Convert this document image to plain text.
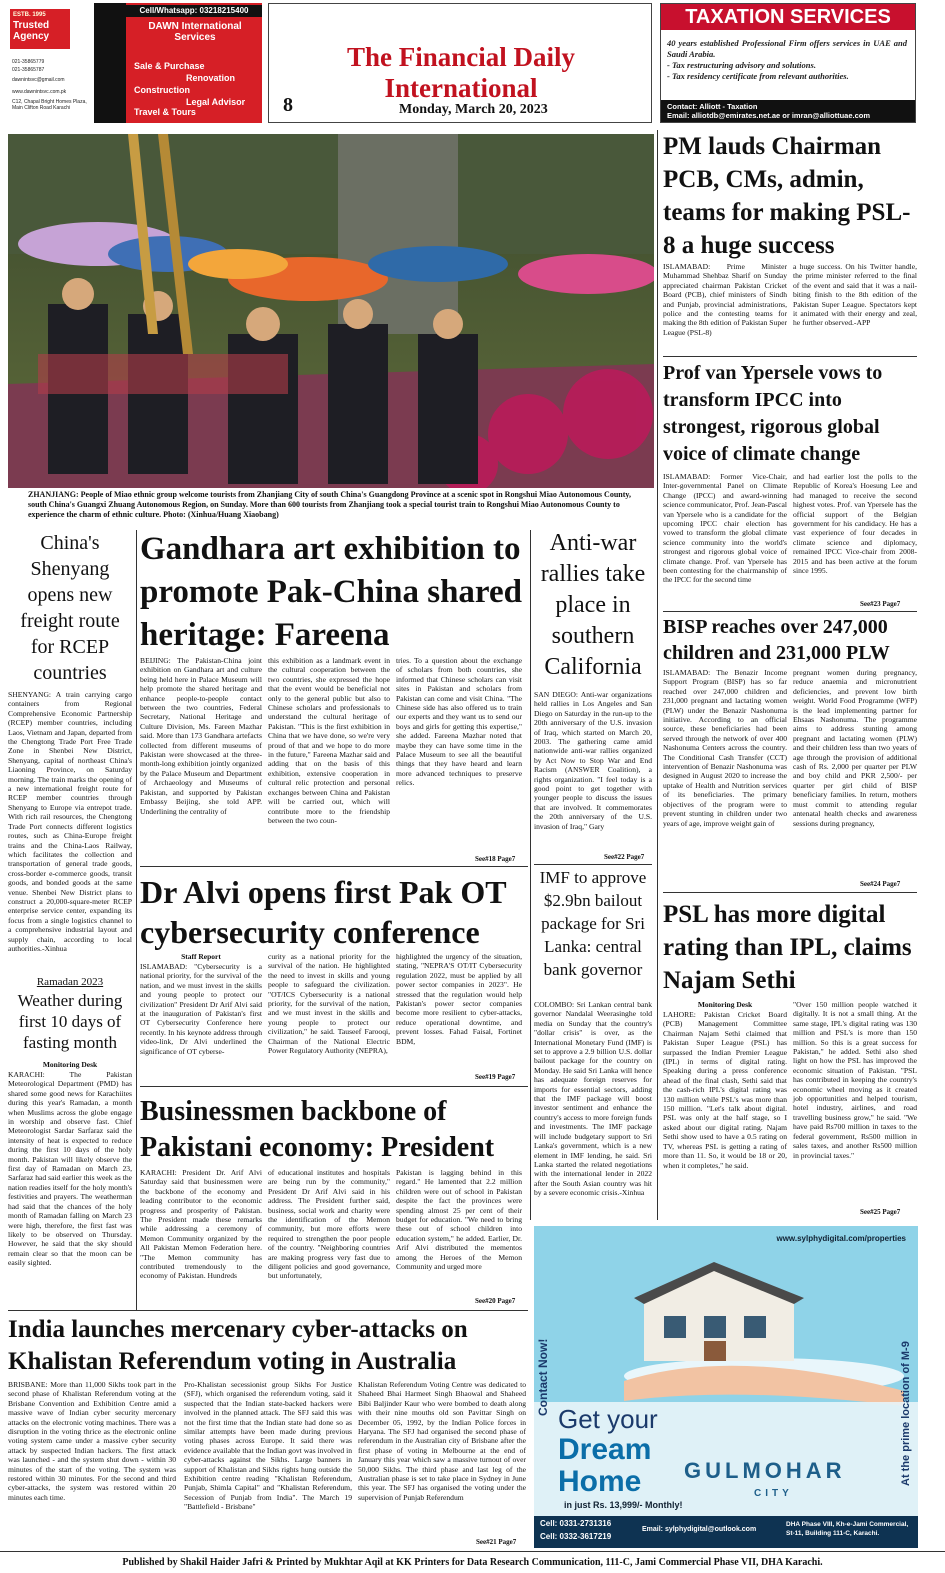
ESTB. 1995
Trusted Agency
021-35865779
021-35865787
dawnintsvc@gmail.com
www.dawnintsvc.com.pk
C12, Chapal Bright Homes Plaza, Main Clifton Road Karachi
Cell/Whatsapp: 03218215400
DAWN International Services
Sale & Purchase
Renovation
Construction
Legal Advisor
Travel & Tours
The Financial Daily International
8	Monday, March 20, 2023
TAXATION SERVICES
40 years established Professional Firm offers services in UAE and Saudi Arabia.
- Tax restructuring advisory and solutions.
- Tax residency certificate from relevant authorities.
Contact: Alliott - Taxation
Email: alliotdb@emirates.net.ae or imran@alliottuae.com
ZHANJIANG: People of Miao ethnic group welcome tourists from Zhanjiang City of south China's Guangdong Province at a scenic spot in Rongshui Miao Autonomous County, south China's Guangxi Zhuang Autonomous Region, on Sunday. More than 600 tourists from Zhanjiang took a special tourist train to Rongshui Miao Autonomous County to experience the charm of ethnic culture. Photo: (Xinhua/Huang Xiaobang)
PM lauds Chairman PCB, CMs, admin, teams for making PSL-8 a huge success
ISLAMABAD: Prime Minister Muhammad Shehbaz Sharif on Sunday appreciated chairman Pakistan Cricket Board (PCB), chief ministers of Sindh and Punjab, provincial administrations, police and the contesting teams for making the 8th edition of Pakistan Super League (PSL-8)
a huge success. On his Twitter handle, the prime minister referred to the final of the event and said that it was a nail-biting finish to the 8th edition of the Pakistan Super League. Spectators kept it animated with their energy and zeal, he further observed.-APP
Prof van Ypersele vows to transform IPCC into strongest, rigorous global voice of climate change
ISLAMABAD: Former Vice-Chair, Inter-governmental Panel on Climate Change (IPCC) and award-winning science communicator, Prof. Jean-Pascal van Ypersele who is a candidate for the upcoming IPCC chair election has vowed to transform the global climate science community into the world's strongest and rigorous global voice of climate change. Prof. van Ypersele has been contesting for the chairmanship of the IPCC for the second time
and had earlier lost the polls to the Republic of Korea's Hoesung Lee and had managed to receive the second highest votes. Prof. van Ypersele has the official support of the Belgian government for his candidacy. He has a vast experience of four decades in climate science and diplomacy, remained IPCC Vice-chair from 2008-2015 and has been active at the forum since 1995.
See#23 Page7
BISP reaches over 247,000 children and 231,000 PLW
ISLAMABAD: The Benazir Income Support Program (BISP) has so far reached over 247,000 children and 231,000 pregnant and lactating women (PLW) under the Benazir Nashonuma initiative. According to an official source, these beneficiaries had been served through the network of over 400 Nashonuma Centers across the country. The Conditional Cash Transfer (CCT) intervention of Benazir Nashonuma was designed in August 2020 to increase the uptake of Health and Nutrition services of its beneficiaries. The primary objectives of the program were to prevent stunting in children under two years of age, improve weight gain of
pregnant women during pregnancy, reduce anaemia and micronutrient deficiencies, and prevent low birth weight. World Food Programme (WFP) is the lead implementing partner for Ehsaas Nashonuma. The programme aims to address stunting among pregnant and lactating women (PLW) and their children less than two years of age through the provision of additional cash of Rs. 2,000 per quarter per PLW and boy child and PKR 2,500/- per quarter per girl child of BISP beneficiary families. In return, mothers must commit to attending regular antenatal health checks and awareness sessions during pregnancy,
See#24 Page7
PSL has more digital rating than IPL, claims Najam Sethi
Monitoring Desk
LAHORE: Pakistan Cricket Board (PCB) Management Committee Chairman Najam Sethi claimed that Pakistan Super League (PSL) has surpassed the Indian Premier League (IPL) in terms of digital rating. Speaking during a press conference ahead of the final clash, Sethi said that the cash-rich IPL's digital rating was 130 million while PSL's was more than 150 million. "Let's talk about digital. PSL was only at the half stage, so I asked about our digital rating. Najam Sethi show used to have a 0.5 rating on TV, whereas PSL is getting a rating of more than 11. So, it would be 18 or 20, when it completes," he said.
"Over 150 million people watched it digitally. It is not a small thing. At the same stage, IPL's digital rating was 130 million and PSL's is more than 150 million. So this is a great success for Pakistan," he added. Sethi also shed light on how the PSL has improved the economic situation of Pakistan. "PSL has contributed in keeping the country's economic wheel moving as it created job opportunities and helped tourism, hotel industry, airlines, and road travelling business grow," he said. "We have paid Rs700 million in taxes to the federal government, Rs500 million in sales taxes, and another Rs500 million in provincial taxes."
See#25 Page7
China's Shenyang opens new freight route for RCEP countries
SHENYANG: A train carrying cargo containers from Regional Comprehensive Economic Partnership (RCEP) member countries, including Laos, Vietnam and Japan, departed from the Chengtong Trade Port Free Trade Zone in Shenbei New District, Shenyang, capital of northeast China's Liaoning Province, on Saturday morning. The train marks the opening of a new international freight route for RCEP member countries through Shenyang to Europe via entrepot trade. With rich rail resources, the Chengtong Trade Port connects different logistics routes, such as China-Europe freight trains and the China-Laos Railway, which facilitates the collection and transportation of general trade goods, cross-border e-commerce goods, transit goods, and bonded goods at the same venue. Shenbei New District plans to construct a 20,000-square-meter RCEP enterprise service center, expanding its focus from a single logistics channel to a comprehensive industrial layout and supply chain, according to local authorities.-Xinhua
Ramadan 2023
Weather during first 10 days of fasting month
Monitoring Desk
KARACHI: The Pakistan Meteorological Department (PMD) has shared some good news for Karachiites during this year's Ramadan, a month when Muslims across the globe engage in worship and observe fast. Chief Meteorologist Sardar Sarfaraz said the intensity of heat is expected to reduce during the first 10 days of the holy month. Pakistan will likely observe the first day of Ramadan on March 23, Sarfaraz had said earlier this week as the nation readies itself for the holy month's festivities and prayers. The weatherman had said that the chances of the holy month of Ramadan falling on March 23 were high, therefore, the first fast was likely to be observed on Thursday. However, he said that the sky should remain clear so that the moon can be easily sighted.
Gandhara art exhibition to promote Pak-China shared heritage: Fareena
BEIJING: The Pakistan-China joint exhibition on Gandhara art and culture being held here in Palace Museum will help promote the shared heritage and enhance people-to-people contact between the two countries, Federal Secretary, National Heritage and Culture Division, Ms. Fareen Mazhar said. More than 173 Gandhara artefacts collected from different museums of Pakistan were showcased at the three-month-long exhibition jointly organized by the Palace Museum and Department of Archaeology and Museums of Pakistan, and supported by Pakistan Embassy Beijing, she told APP. Underlining the centrality of
this exhibition as a landmark event in the cultural cooperation between the two countries, she expressed the hope that the event would be beneficial not only to the general public but also to Chinese scholars and professionals to understand the cultural heritage of Pakistan. "This is the first exhibition in China that we have done, so we're very proud of that and we hope to do more in the future," Fareena Mazhar said and adding that on the basis of this exhibition, extensive cooperation in cultural relic protection and personal exchanges between China and Pakistan will be carried out, which will contribute more to the friendship between the two coun-
tries. To a question about the exchange of scholars from both countries, she informed that Chinese scholars can visit sites in Pakistan and scholars from Pakistan can come and visit China. "The Chinese side has also offered us to train our experts and they want us to send our boys and girls for getting this expertise," she added. Fareena Mazhar noted that maybe they can have some time in the Palace Museum to see all the beautiful things that they have heard and learn more advanced techniques to preserve relics.
See#18 Page7
Anti-war rallies take place in southern California
SAN DIEGO: Anti-war organizations held rallies in Los Angeles and San Diego on Saturday in the run-up to the 20th anniversary of the U.S. invasion of Iraq, which started on March 20, 2003. The gathering came amid nationwide anti-war rallies organized by Act Now to Stop War and End Racism (ANSWER Coalition), a rights organization. "I feel today is a good point to get together with younger people to discuss the issues that are involved. It commemorates the 20th anniversary of the U.S. invasion of Iraq," Gary
See#22 Page7
Dr Alvi opens first Pak OT cybersecurity conference
Staff Report
ISLAMABAD: "Cybersecurity is a national priority, for the survival of the nation, and we must invest in the skills and young people to protect our civilization" President Dr Arif Alvi said at the inauguration of Pakistan's first OT Cybersecurity Conference here recently. In his keynote address through video-link, Dr Alvi underlined the significance of OT cyberse-
curity as a national priority for the survival of the nation. He highlighted the need to invest in skills and young people to safeguard the civilization. "OT/ICS Cybersecurity is a national priority, for the survival of the nation, and we must invest in the skills and young people to protect our civilization," he said. Tauseef Farooqi, Chairman of the National Electric Power Regulatory Authority (NEPRA),
highlighted the urgency of the situation, stating, "NEPRA'S OT/IT Cybersecurity regulation 2022, must be applied by all power sector companies in 2023". He stressed that the regulation would help Pakistan's power sector companies become more resilient to cyber-attacks, reduce operational downtime, and prevent losses. Fahad Faisal, Fortinet BDM,
See#19 Page7
IMF to approve $2.9bn bailout package for Sri Lanka: central bank governor
COLOMBO: Sri Lankan central bank governor Nandalal Weerasinghe told media on Sunday that the country's "dollar crisis" is over, as the International Monetary Fund (IMF) is set to approve a 2.9 billion U.S. dollar bailout package for the country on Monday. He said Sri Lanka will hence has adequate foreign reserves for imports for essential sectors, adding that the IMF package will boost investor sentiment and enhance the country's access to more foreign funds and investments. The IMF package will include budgetary support to Sri Lanka's government, which is a new element in IMF lending, he said. Sri Lanka started the related negotiations with the international lender in 2022 after the South Asian country was hit by a severe economic crisis.-Xinhua
Businessmen backbone of Pakistani economy: President
KARACHI: President Dr. Arif Alvi Saturday said that businessmen were the backbone of the economy and leading contributor to the economic progress and prosperity of Pakistan. The President made these remarks while addressing a ceremony of Memon Community organized by the All Pakistan Memon Federation here. "The Memon community has contributed tremendously to the economy of Pakistan. Hundreds
of educational institutes and hospitals are being run by the community," President Dr Arif Alvi said in his address. The President further said, business, social work and charity were the identification of the Memon community, but more efforts were required to strengthen the poor people of the country. "Neighboring countries are making progress very fast due to diligent policies and good governance, but unfortunately,
Pakistan is lagging behind in this regard." He lamented that 2.2 million children were out of school in Pakistan despite the fact the provinces were spending almost 25 per cent of their budget for education. "We need to bring these out of school children into education system," he added. Earlier, Dr. Arif Alvi distributed the mementos among the Heroes of the Memon Community and urged more
See#20 Page7
India launches mercenary cyber-attacks on Khalistan Referendum voting in Australia
BRISBANE: More than 11,000 Sikhs took part in the second phase of Khalistan Referendum voting at the Brisbane Convention and Exhibition Centre amid a massive wave of Indian cyber security mercenary attacks on the electronic voting machines. There was a disruption in the voting thrice as the electronic online voting system came under a massive cyber security attack by suspected Indian hackers. The first attack was launched - and the system shut down - within 30 minutes of the start of the voting. The system was restored within 30 minutes. For the second and third cyber-attacks, the system was restored within 20 minutes each time.
Pro-Khalistan secessionist group Sikhs For Justice (SFJ), which organised the referendum voting, said it suspected that the Indian state-backed hackers were involved in the planned attack. The SFJ said this was not the first time that the Indian state had done so as similar attempts have been made during previous voting phases across Europe. It said there was evidence available that the Indian govt was involved in cyber-attacks against the Sikhs. Large banners in support of Khalistan and Sikhs rights hung outside the Exhibition centre reading "Khalistan Referendum, Punjab, Shimla Capital" and "Khalistan Referendum, Secession of Punjab from India". The March 19 "Battlefield - Brisbane"
Khalistan Referendum Voting Centre was dedicated to Shaheed Bhai Harmeet Singh Bhaowal and Shaheed Bibi Baljinder Kaur who were bombed to death along with their nine mouths old son Pavittar Singh on December 05, 1992, by the Indian Police forces in Haryana. The SFJ had organised the second phase of referendum in the Australian city of Brisbane after the first phase of voting in Melbourne at the end of January this year which saw a massive turnout of over 50,000 Sikhs. The third phase and last leg of the Australian phase is set to take place in Sydney in June this year. The SFJ has organised the voting under the supervision of Punjab Referendum
See#21 Page7
www.sylphydigital.com/properties
Contact Now!	At the prime location of M-9
Get your
Dream
Home
in just Rs. 13,999/- Monthly!
GULMOHAR
CITY
Cell: 0331-2731316
Cell: 0332-3617219
Email: sylphydigital@outlook.com
DHA Phase VIII, Kh-e-Jami Commercial, St-11, Building 111-C, Karachi.
Published by Shakil Haider Jafri & Printed by Mukhtar Aqil at KK Printers for Data Research Communication, 111-C, Jami Commercial Phase VII, DHA Karachi.
